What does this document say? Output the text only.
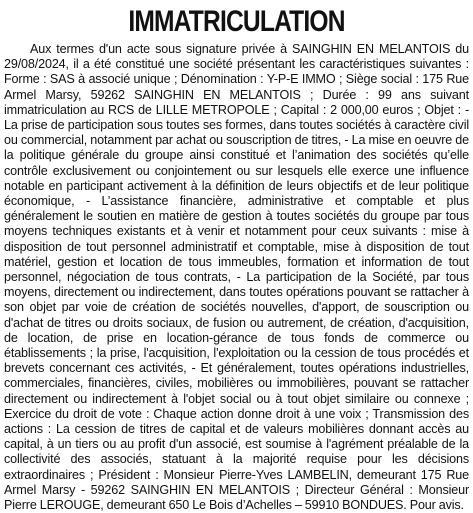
IMMATRICULATION

Aux termes d'un acte sous signature privée à SAINGHIN EN MELANTOIS du 29/08/2024, il a été constitué une société présentant les caractéristiques suivantes : Forme : SAS à associé unique ; Dénomination : Y-P-E IMMO ; Siège social : 175 Rue Armel Marsy, 59262 SAINGHIN EN MELANTOIS ; Durée : 99 ans suivant immatriculation au RCS de LILLE METROPOLE ; Capital : 2 000,00 euros ; Objet : - La prise de participation sous toutes ses formes, dans toutes sociétés à caractère civil ou commercial, notamment par achat ou souscription de titres, - La mise en oeuvre de la politique générale du groupe ainsi constitué et l’animation des sociétés qu’elle contrôle exclusivement ou conjointement ou sur lesquels elle exerce une influence notable en participant activement à la définition de leurs objectifs et de leur politique économique, - L’assistance financière, administrative et comptable et plus généralement le soutien en matière de gestion à toutes sociétés du groupe par tous moyens techniques existants et à venir et notamment pour ceux suivants : mise à disposition de tout personnel administratif et comptable, mise à disposition de tout matériel, gestion et location de tous immeubles, formation et information de tout personnel, négociation de tous contrats, - La participation de la Société, par tous moyens, directement ou indirectement, dans toutes opérations pouvant se rattacher à son objet par voie de création de sociétés nouvelles, d'apport, de souscription ou d'achat de titres ou droits sociaux, de fusion ou autrement, de création, d'acquisition, de location, de prise en location-gérance de tous fonds de commerce ou établissements ; la prise, l'acquisition, l'exploitation ou la cession de tous procédés et brevets concernant ces activités, - Et généralement, toutes opérations industrielles, commerciales, financières, civiles, mobilières ou immobilières, pouvant se rattacher directement ou indirectement à l'objet social ou à tout objet similaire ou connexe ; Exercice du droit de vote : Chaque action donne droit à une voix ; Transmission des actions : La cession de titres de capital et de valeurs mobilières donnant accès au capital, à un tiers ou au profit d'un associé, est soumise à l'agrément préalable de la collectivité des associés, statuant à la majorité requise pour les décisions extraordinaires ; Président : Monsieur Pierre-Yves LAMBELIN, demeurant 175 Rue Armel Marsy - 59262 SAINGHIN EN MELANTOIS ; Directeur Général : Monsieur Pierre LEROUGE, demeurant 650 Le Bois d’Achelles – 59910 BONDUES. Pour avis.
